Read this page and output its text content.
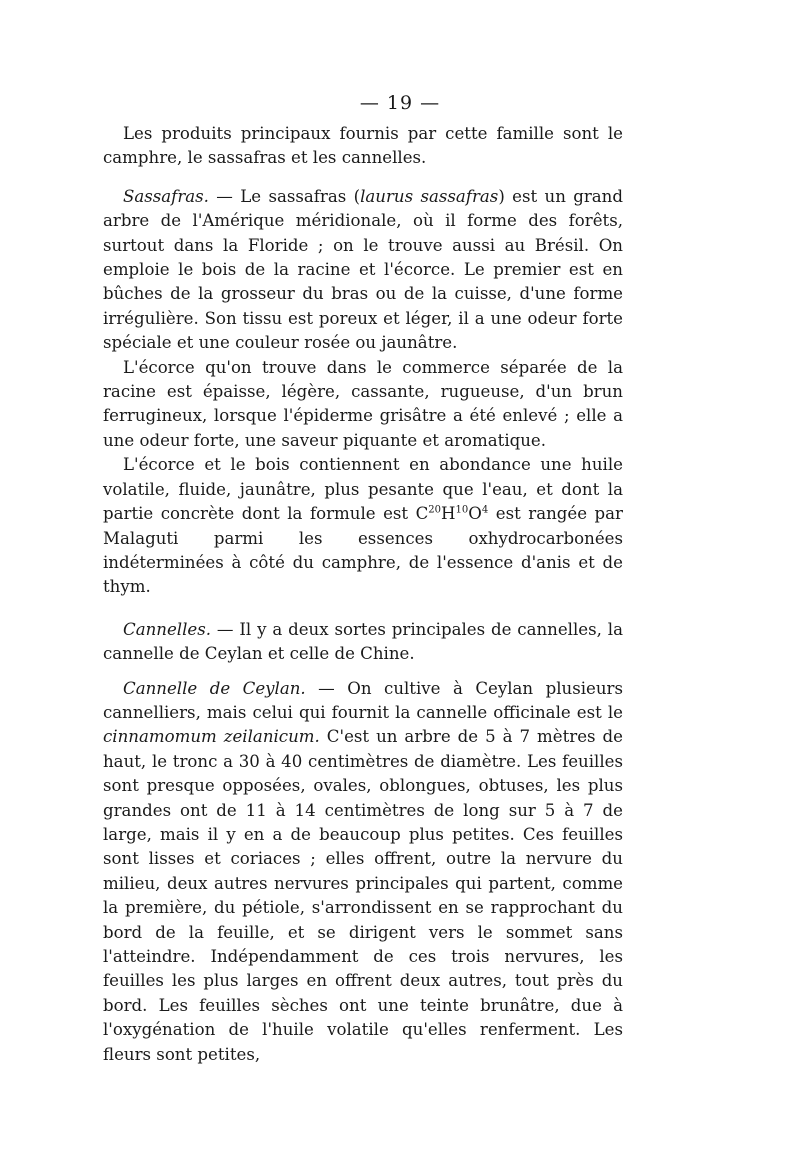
— 19 —

Les produits principaux fournis par cette famille sont le camphre, le sassafras et les cannelles.

Sassafras. — Le sassafras (laurus sassafras) est un grand arbre de l'Amérique méridionale, où il forme des forêts, surtout dans la Floride ; on le trouve aussi au Brésil. On emploie le bois de la racine et l'écorce. Le premier est en bûches de la grosseur du bras ou de la cuisse, d'une forme irrégulière. Son tissu est poreux et léger, il a une odeur forte spéciale et une couleur rosée ou jaunâtre.

L'écorce qu'on trouve dans le commerce séparée de la racine est épaisse, légère, cassante, rugueuse, d'un brun ferrugineux, lorsque l'épiderme grisâtre a été enlevé ; elle a une odeur forte, une saveur piquante et aromatique.

L'écorce et le bois contiennent en abondance une huile volatile, fluide, jaunâtre, plus pesante que l'eau, et dont la partie concrète dont la formule est $C^{20}H^{10}O^4$ est rangée par Malaguti parmi les essences oxhydrocarbonées indéterminées à côté du camphre, de l'essence d'anis et de thym.

Cannelles. — Il y a deux sortes principales de cannelles, la cannelle de Ceylan et celle de Chine.

Cannelle de Ceylan. — On cultive à Ceylan plusieurs cannelliers, mais celui qui fournit la cannelle officinale est le cinnamomum zeilanicum. C'est un arbre de 5 à 7 mètres de haut, le tronc a 30 à 40 centimètres de diamètre. Les feuilles sont presque opposées, ovales, oblongues, obtuses, les plus grandes ont de 11 à 14 centimètres de long sur 5 à 7 de large, mais il y en a de beaucoup plus petites. Ces feuilles sont lisses et coriaces ; elles offrent, outre la nervure du milieu, deux autres nervures principales qui partent, comme la première, du pétiole, s'arrondissent en se rapprochant du bord de la feuille, et se dirigent vers le sommet sans l'atteindre. Indépendamment de ces trois nervures, les feuilles les plus larges en offrent deux autres, tout près du bord. Les feuilles sèches ont une teinte brunâtre, due à l'oxygénation de l'huile volatile qu'elles renferment. Les fleurs sont petites,
